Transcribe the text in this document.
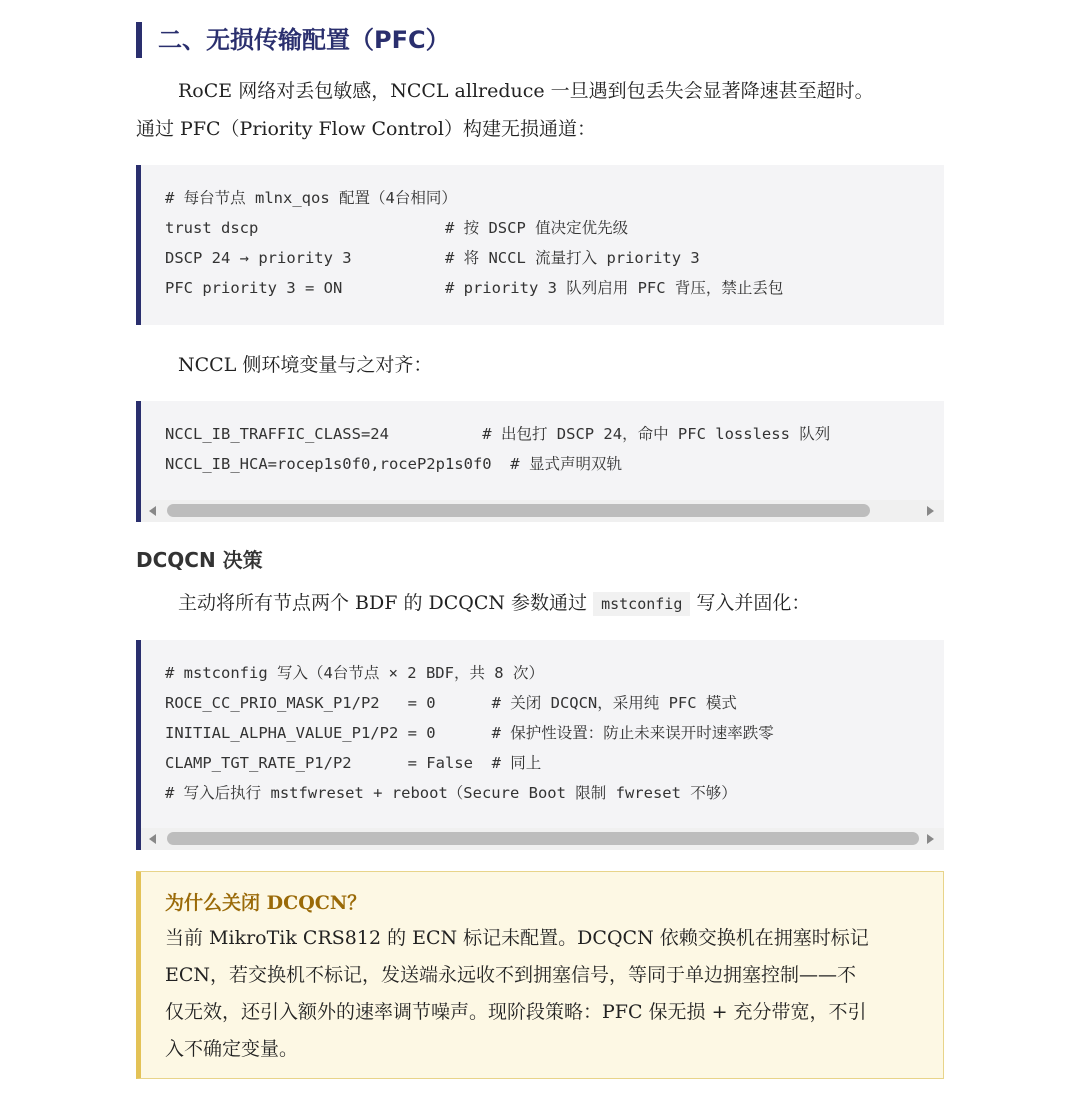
二、无损传输配置（PFC）
RoCE 网络对丢包敏感，NCCL allreduce 一旦遇到包丢失会显著降速甚至超时。
通过 PFC（Priority Flow Control）构建无损通道：
# 每台节点 mlnx_qos 配置（4台相同）
trust dscp                    # 按 DSCP 值决定优先级
DSCP 24 → priority 3          # 将 NCCL 流量打入 priority 3
PFC priority 3 = ON           # priority 3 队列启用 PFC 背压，禁止丢包
NCCL 侧环境变量与之对齐：
NCCL_IB_TRAFFIC_CLASS=24          # 出包打 DSCP 24，命中 PFC lossless 队列
NCCL_IB_HCA=rocep1s0f0,roceP2p1s0f0  # 显式声明双轨
DCQCN 决策
主动将所有节点两个 BDF 的 DCQCN 参数通过 mstconfig 写入并固化：
# mstconfig 写入（4台节点 × 2 BDF，共 8 次）
ROCE_CC_PRIO_MASK_P1/P2   = 0      # 关闭 DCQCN，采用纯 PFC 模式
INITIAL_ALPHA_VALUE_P1/P2 = 0      # 保护性设置：防止未来误开时速率跌零
CLAMP_TGT_RATE_P1/P2      = False  # 同上
# 写入后执行 mstfwreset + reboot（Secure Boot 限制 fwreset 不够）
为什么关闭 DCQCN？
当前 MikroTik CRS812 的 ECN 标记未配置。DCQCN 依赖交换机在拥塞时标记
ECN，若交换机不标记，发送端永远收不到拥塞信号，等同于单边拥塞控制——不
仅无效，还引入额外的速率调节噪声。现阶段策略：PFC 保无损 + 充分带宽，不引
入不确定变量。
